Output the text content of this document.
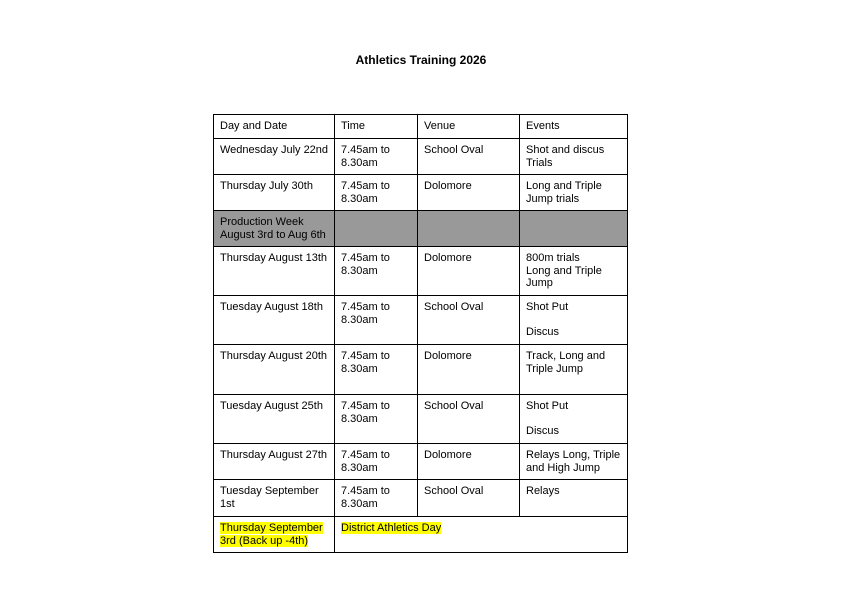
Athletics Training 2026
Day and Date	Time	Venue	Events
Wednesday July 22nd	7.45am to
8.30am	School Oval	Shot and discus
Trials

Thursday July 30th	7.45am to
8.30am	Dolomore	Long and Triple
Jump trials

Production Week
August 3rd to Aug 6th			

Thursday August 13th	7.45am to
8.30am	Dolomore	800m trials
Long and Triple
Jump

Tuesday August 18th	7.45am to
8.30am	School Oval	Shot Put
Discus

Thursday August 20th	7.45am to
8.30am	Dolomore	Track, Long and
Triple Jump

Tuesday August 25th	7.45am to
8.30am	School Oval	Shot Put
Discus

Thursday August 27th	7.45am to
8.30am	Dolomore	Relays Long, Triple
and High Jump

Tuesday September
1st	7.45am to
8.30am	School Oval	Relays

Thursday September
3rd (Back up -4th)	District Athletics Day		
